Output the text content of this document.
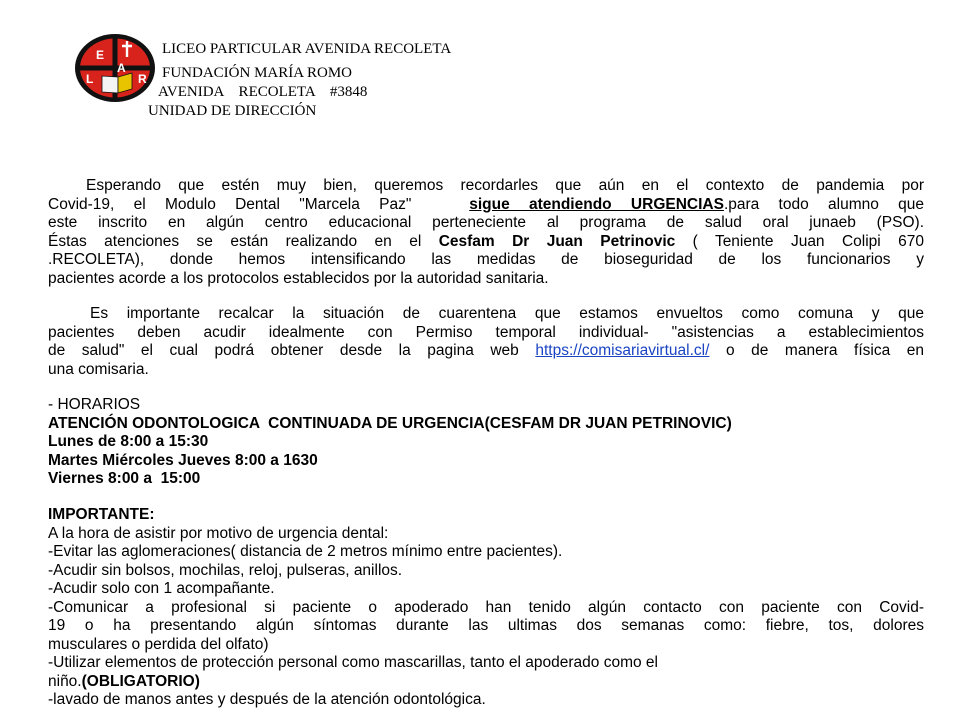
E
L
A
R
LICEO PARTICULAR AVENIDA RECOLETA
FUNDACIÓN MARÍA ROMO
AVENIDA    RECOLETA    #3848
UNIDAD DE DIRECCIÓN

Esperando que estén muy bien, queremos recordarles que aún en el contexto de pandemia por

Covid-19, el Modulo Dental "Marcela Paz"	sigue atendiendo URGENCIAS.para todo alumno que

este inscrito en algún centro educacional perteneciente al programa de salud oral junaeb (PSO).

Éstas atenciones se están realizando en el Cesfam Dr Juan Petrinovic ( Teniente Juan Colipi 670

.RECOLETA), donde hemos intensificando las medidas de bioseguridad de los funcionarios y

pacientes acorde a los protocolos establecidos por la autoridad sanitaria.

Es importante recalcar la situación de cuarentena que estamos envueltos como comuna y que

pacientes deben acudir idealmente con Permiso temporal individual- "asistencias a establecimientos

de salud" el cual podrá obtener desde la pagina web https://comisariavirtual.cl/ o de manera física en

una comisaria.

- HORARIOS

ATENCIÓN ODONTOLOGICA  CONTINUADA DE URGENCIA(CESFAM DR JUAN PETRINOVIC)

Lunes de 8:00 a 15:30

Martes Miércoles Jueves 8:00 a 1630

Viernes 8:00 a  15:00

IMPORTANTE:

A la hora de asistir por motivo de urgencia dental:

-Evitar las aglomeraciones( distancia de 2 metros mínimo entre pacientes).

-Acudir sin bolsos, mochilas, reloj, pulseras, anillos.

-Acudir solo con 1 acompañante.

-Comunicar a profesional si paciente o apoderado han tenido algún contacto con paciente con Covid-

19 o ha presentando algún síntomas durante las ultimas dos semanas como: fiebre, tos, dolores

musculares o perdida del olfato)

-Utilizar elementos de protección personal como mascarillas, tanto el apoderado como el

niño.(OBLIGATORIO)

-lavado de manos antes y después de la atención odontológica.
